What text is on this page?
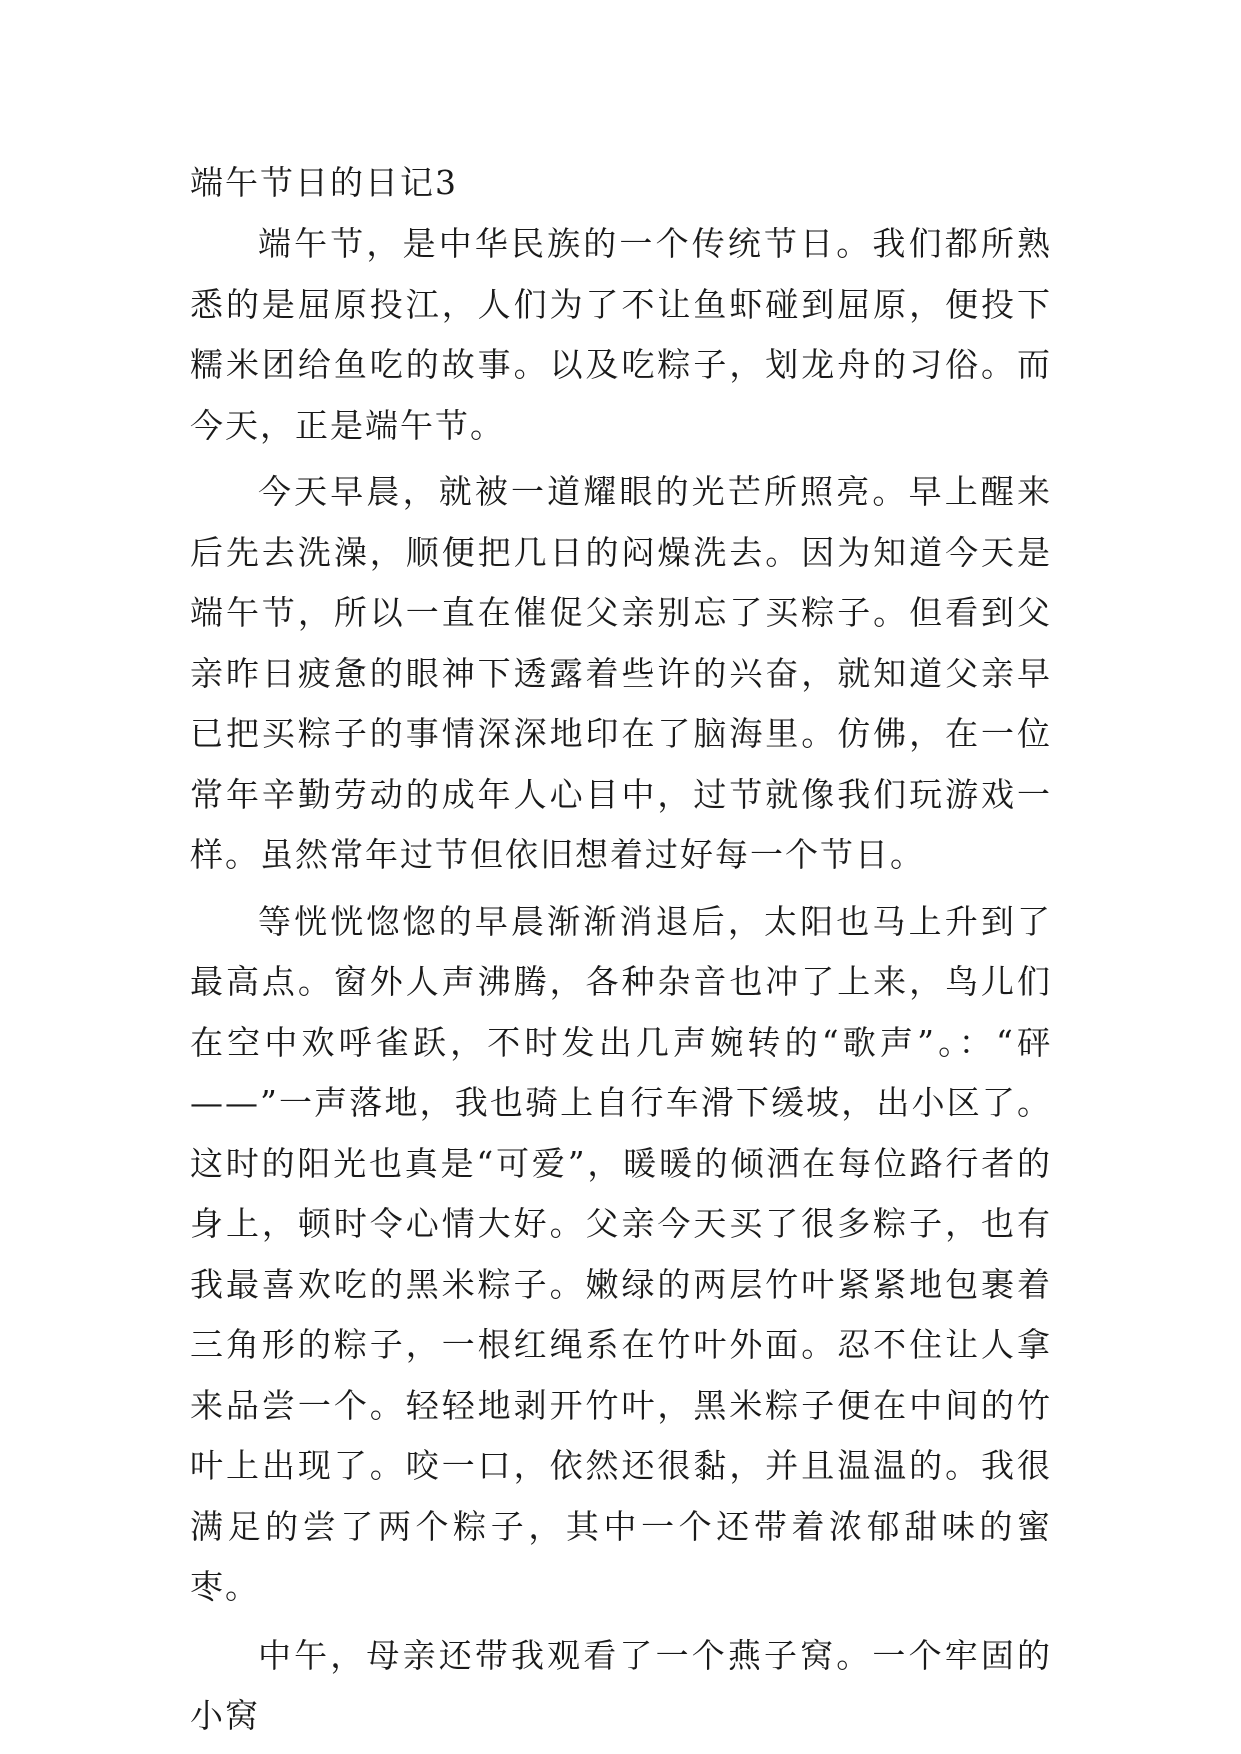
端午节日的日记3

端午节，是中华民族的一个传统节日。我们都所熟悉的是屈原投江，人们为了不让鱼虾碰到屈原，便投下糯米团给鱼吃的故事。以及吃粽子，划龙舟的习俗。而今天，正是端午节。

今天早晨，就被一道耀眼的光芒所照亮。早上醒来后先去洗澡，顺便把几日的闷燥洗去。因为知道今天是端午节，所以一直在催促父亲别忘了买粽子。但看到父亲昨日疲惫的眼神下透露着些许的兴奋，就知道父亲早已把买粽子的事情深深地印在了脑海里。仿佛，在一位常年辛勤劳动的成年人心目中，过节就像我们玩游戏一样。虽然常年过节但依旧想着过好每一个节日。

等恍恍惚惚的早晨渐渐消退后，太阳也马上升到了最高点。窗外人声沸腾，各种杂音也冲了上来，鸟儿们在空中欢呼雀跃，不时发出几声婉转的“歌声”。：“砰——”一声落地，我也骑上自行车滑下缓坡，出小区了。这时的阳光也真是“可爱”，暖暖的倾洒在每位路行者的身上，顿时令心情大好。父亲今天买了很多粽子，也有我最喜欢吃的黑米粽子。嫩绿的两层竹叶紧紧地包裹着三角形的粽子，一根红绳系在竹叶外面。忍不住让人拿来品尝一个。轻轻地剥开竹叶，黑米粽子便在中间的竹叶上出现了。咬一口，依然还很黏，并且温温的。我很满足的尝了两个粽子，其中一个还带着浓郁甜味的蜜枣。

中午，母亲还带我观看了一个燕子窝。一个牢固的小窝
